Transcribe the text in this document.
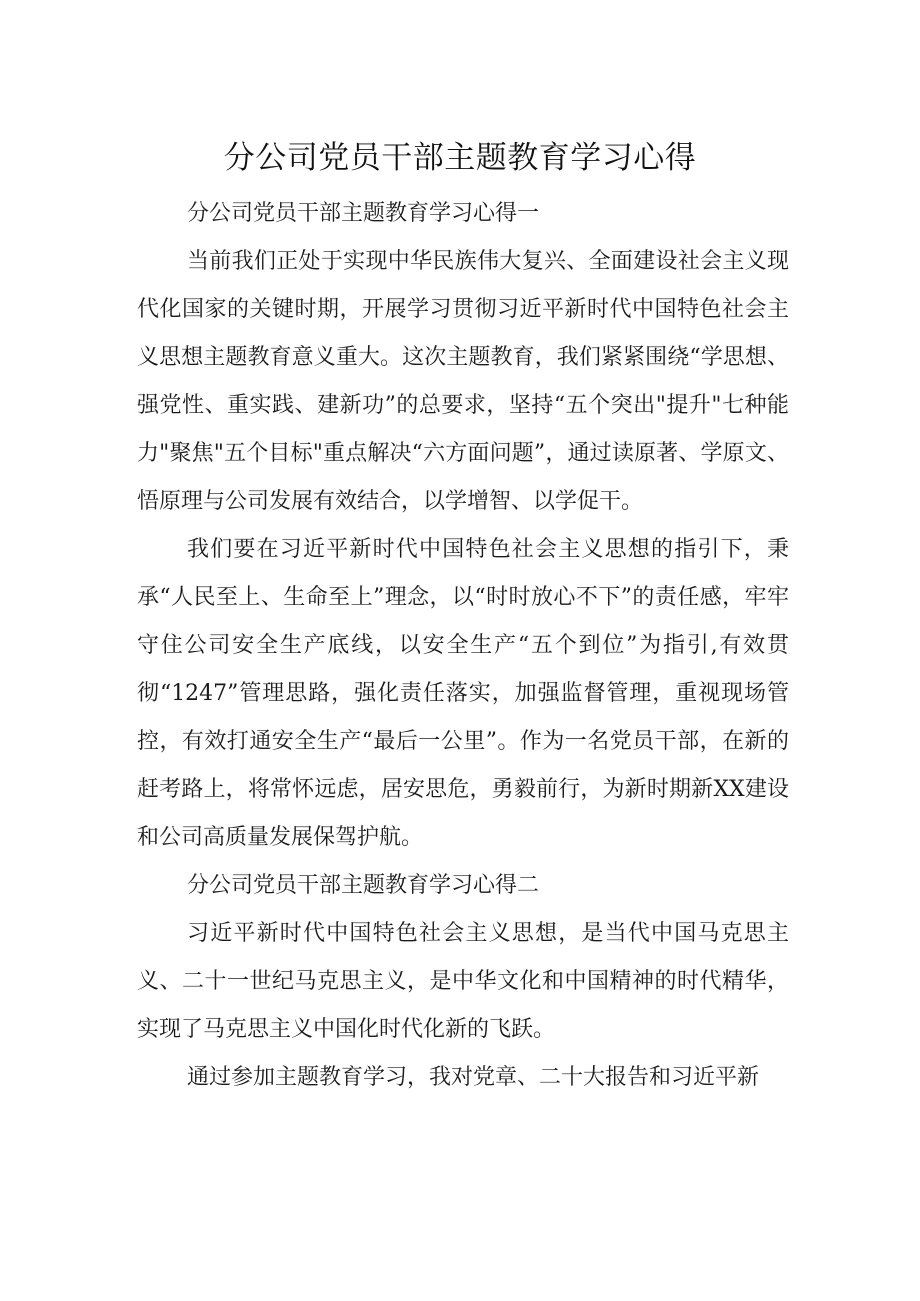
分公司党员干部主题教育学习心得

分公司党员干部主题教育学习心得一

当前我们正处于实现中华民族伟大复兴、全面建设社会主义现代化国家的关键时期，开展学习贯彻习近平新时代中国特色社会主义思想主题教育意义重大。这次主题教育，我们紧紧围绕“学思想、强党性、重实践、建新功”的总要求，坚持“五个突出"提升"七种能力"聚焦"五个目标"重点解决“六方面问题”，通过读原著、学原文、悟原理与公司发展有效结合，以学增智、以学促干。

我们要在习近平新时代中国特色社会主义思想的指引下，秉承“人民至上、生命至上”理念，以“时时放心不下”的责任感，牢牢守住公司安全生产底线，以安全生产“五个到位”为指引,有效贯彻“1247”管理思路，强化责任落实，加强监督管理，重视现场管控，有效打通安全生产“最后一公里”。作为一名党员干部，在新的赶考路上，将常怀远虑，居安思危，勇毅前行，为新时期新XX建设和公司高质量发展保驾护航。

分公司党员干部主题教育学习心得二

习近平新时代中国特色社会主义思想，是当代中国马克思主义、二十一世纪马克思主义，是中华文化和中国精神的时代精华，实现了马克思主义中国化时代化新的飞跃。

通过参加主题教育学习，我对党章、二十大报告和习近平新
